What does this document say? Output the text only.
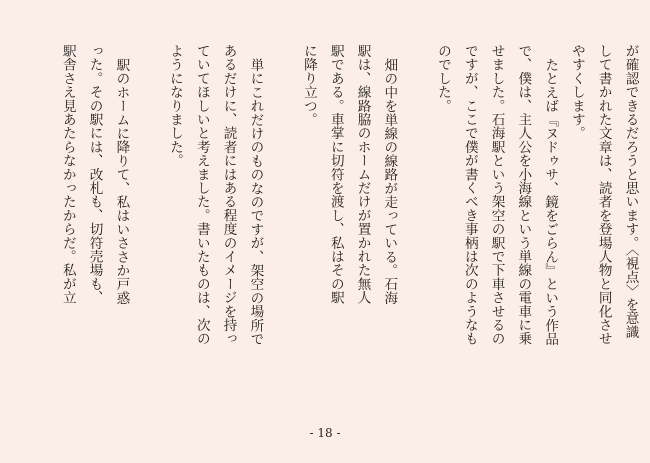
が確認できるだろうと思います。〈視点〉を意識
して書かれた文章は、読者を登場人物と同化させ
やすくします。
たとえば『ヌドゥサ、鏡をごらん』という作品
で、僕は、主人公を小海線という単線の電車に乗
せました。石海駅という架空の駅で下車させるの
ですが、ここで僕が書くべき事柄は次のようなも
のでした。
畑の中を単線の線路が走っている。石海
駅は、線路脇のホームだけが置かれた無人
駅である。車掌に切符を渡し、私はその駅
に降り立つ。
単にこれだけのものなのですが、架空の場所で
あるだけに、読者にはある程度のイメージを持っ
ていてほしいと考えました。書いたものは、次の
ようになりました。
駅のホームに降りて、私はいささか戸惑
った。その駅には、改札も、切符売場も、
駅舎さえ見あたらなかったからだ。私が立
- 18 -
